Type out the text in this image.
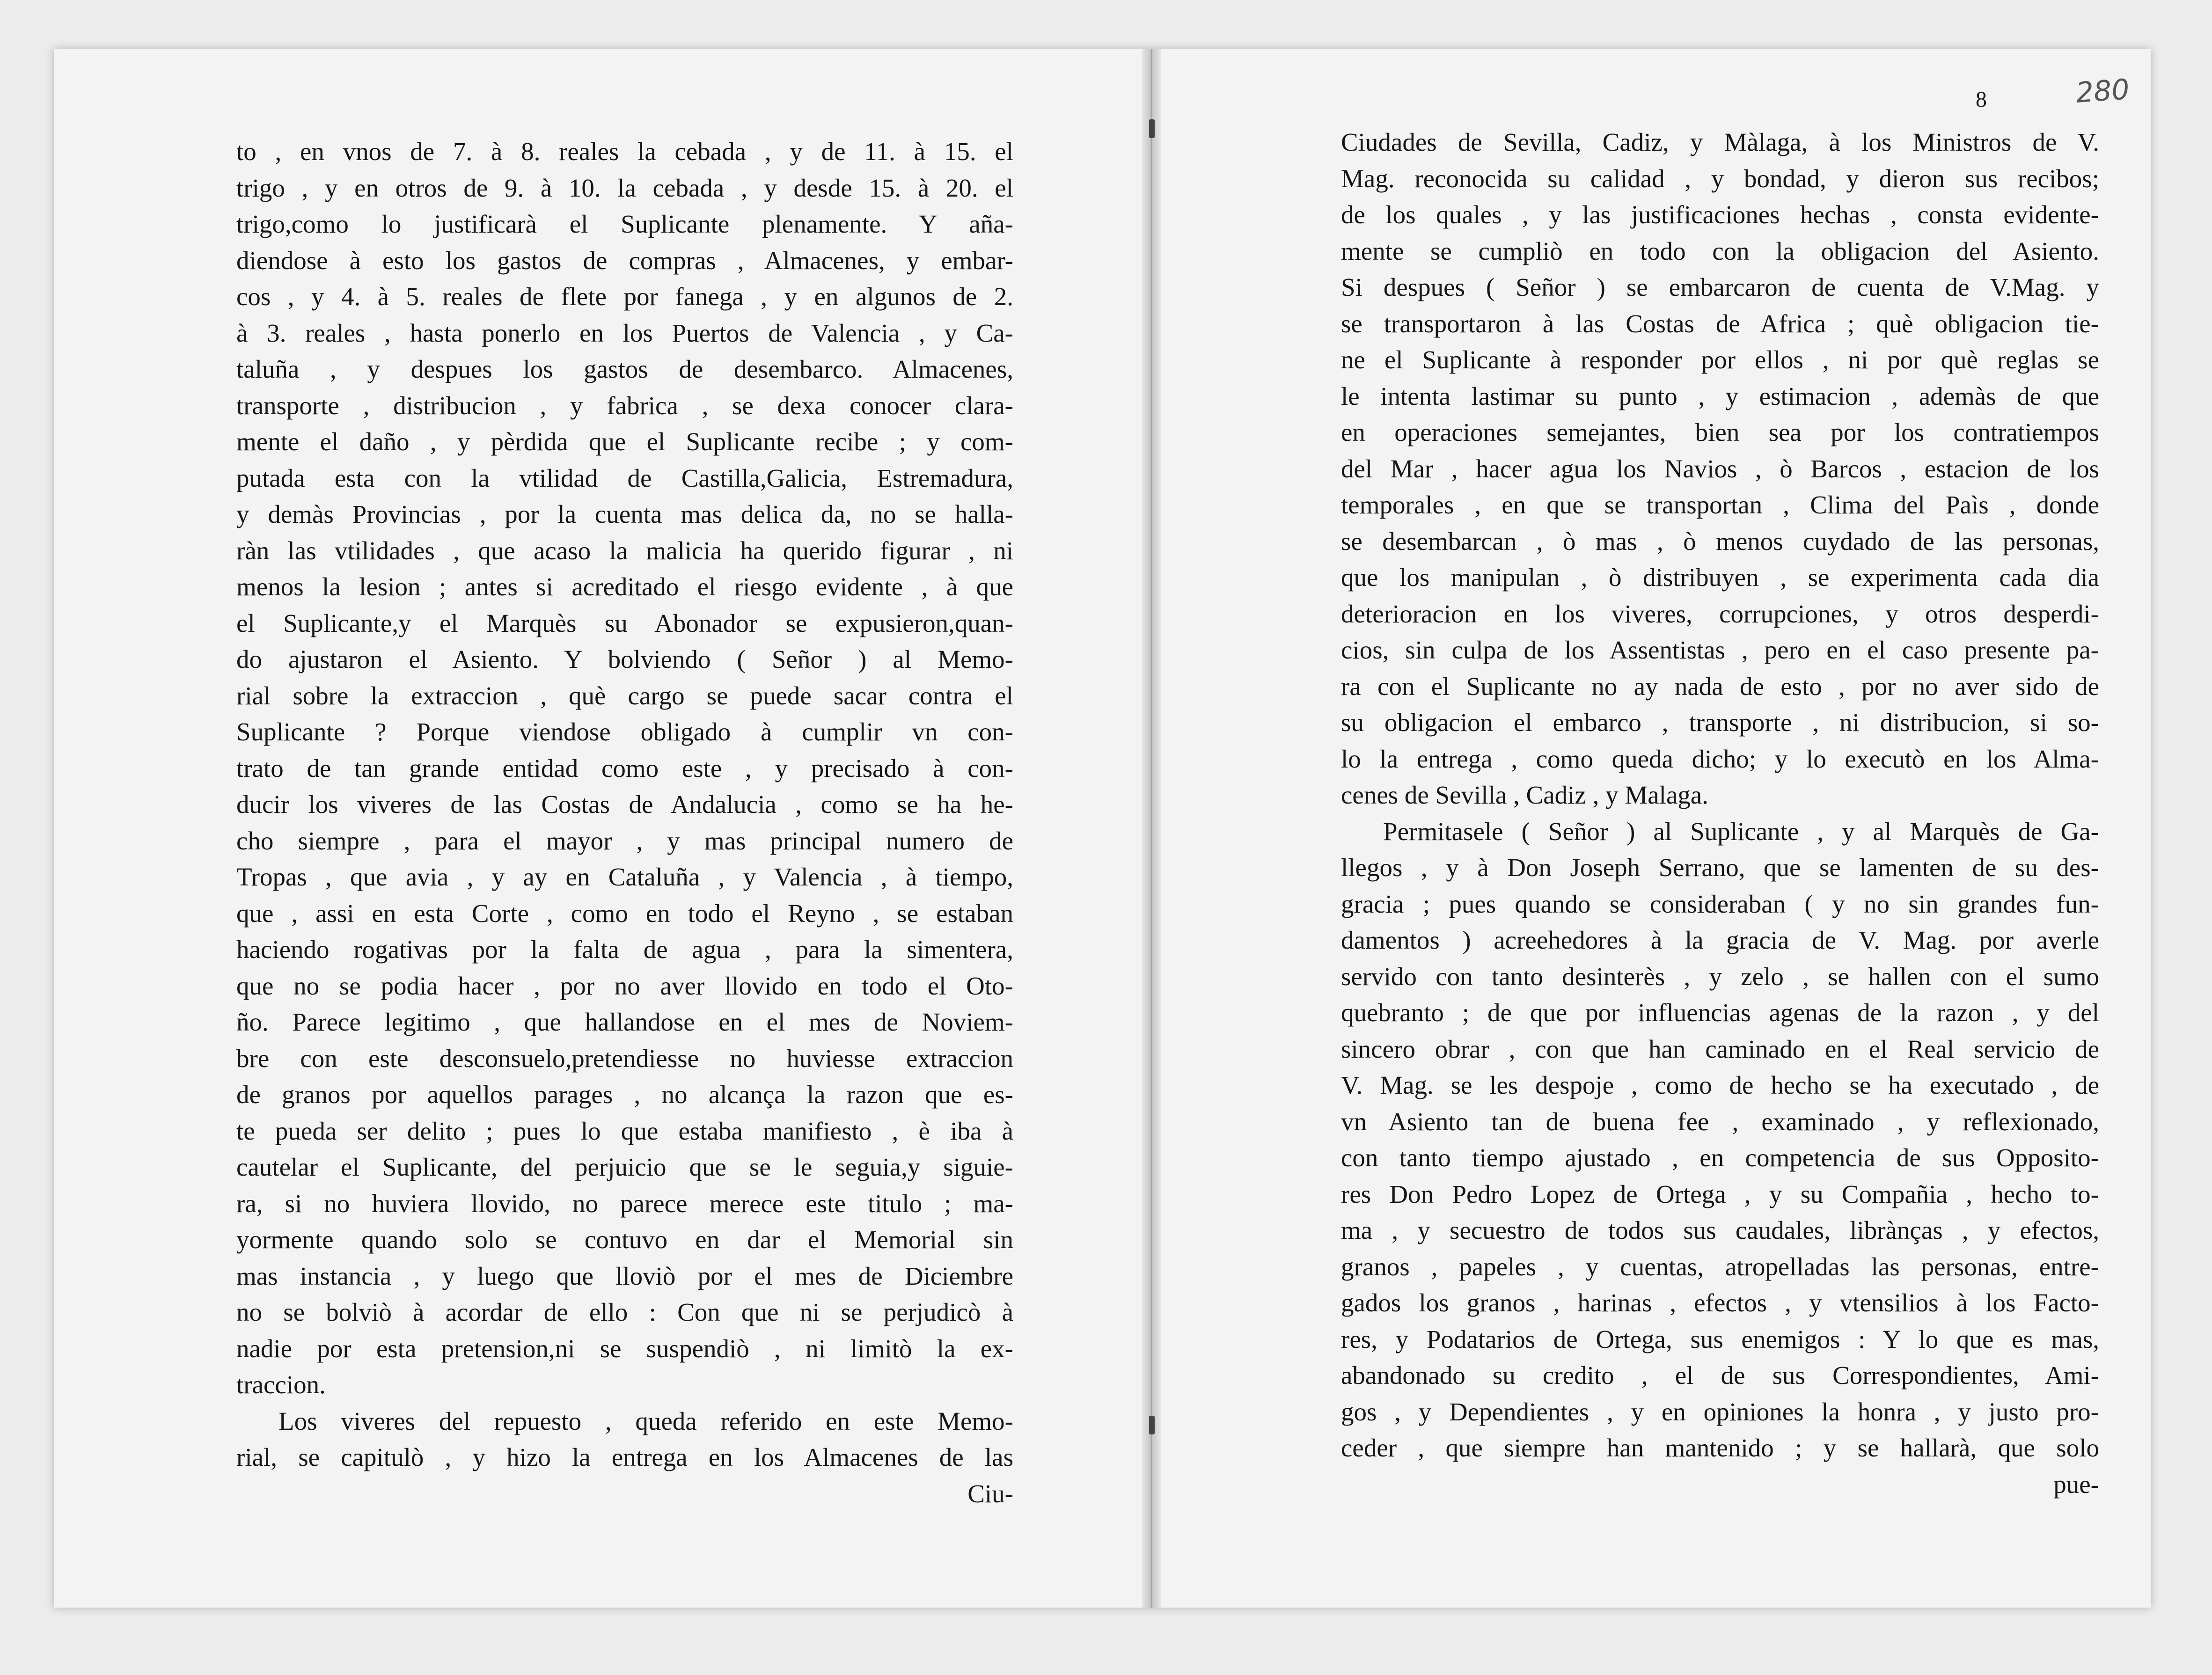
to , en vnos de 7. à 8. reales la cebada , y de 11. à 15. el
trigo , y en otros de 9. à 10. la cebada , y desde 15. à 20. el
trigo,como lo justificarà el Suplicante plenamente. Y aña-
diendose à esto los gastos de compras , Almacenes, y embar-
cos , y 4. à 5. reales de flete por fanega , y en algunos de 2.
à 3. reales , hasta ponerlo en los Puertos de Valencia , y Ca-
taluña , y despues los gastos de desembarco. Almacenes,
transporte , distribucion , y fabrica , se dexa conocer clara-
mente el daño , y pèrdida que el Suplicante recibe ; y com-
putada esta con la vtilidad de Castilla,Galicia, Estremadura,
y demàs Provincias , por la cuenta mas delica da, no se halla-
ràn las vtilidades , que acaso la malicia ha querido figurar , ni
menos la lesion ; antes si acreditado el riesgo evidente , à que
el Suplicante,y el Marquès su Abonador se expusieron,quan-
do ajustaron el Asiento. Y bolviendo ( Señor ) al Memo-
rial sobre la extraccion , què cargo se puede sacar contra el
Suplicante ? Porque viendose obligado à cumplir vn con-
trato de tan grande entidad como este , y precisado à con-
ducir los viveres de las Costas de Andalucia , como se ha he-
cho siempre , para el mayor , y mas principal numero de
Tropas , que avia , y ay en Cataluña , y Valencia , à tiempo,
que , assi en esta Corte , como en todo el Reyno , se estaban
haciendo rogativas por la falta de agua , para la simentera,
que no se podia hacer , por no aver llovido en todo el Oto-
ño. Parece legitimo , que hallandose en el mes de Noviem-
bre con este desconsuelo,pretendiesse no huviesse extraccion
de granos por aquellos parages , no alcança la razon que es-
te pueda ser delito ; pues lo que estaba manifiesto , è iba à
cautelar el Suplicante, del perjuicio que se le seguia,y siguie-
ra, si no huviera llovido, no parece merece este titulo ; ma-
yormente quando solo se contuvo en dar el Memorial sin
mas instancia , y luego que lloviò por el mes de Diciembre
no se bolviò à acordar de ello : Con que ni se perjudicò à
nadie por esta pretension,ni se suspendiò , ni limitò la ex-
traccion.
Los viveres del repuesto , queda referido en este Memo-
rial, se capitulò , y hizo la entrega en los Almacenes de las
Ciu-
8
Ciudades de Sevilla, Cadiz, y Màlaga, à los Ministros de V.
Mag. reconocida su calidad , y bondad, y dieron sus recibos;
de los quales , y las justificaciones hechas , consta evidente-
mente se cumpliò en todo con la obligacion del Asiento.
Si despues ( Señor ) se embarcaron de cuenta de V.Mag. y
se transportaron à las Costas de Africa ; què obligacion tie-
ne el Suplicante à responder por ellos , ni por què reglas se
le intenta lastimar su punto , y estimacion , ademàs de que
en operaciones semejantes, bien sea por los contratiempos
del Mar , hacer agua los Navios , ò Barcos , estacion de los
temporales , en que se transportan , Clima del Paìs , donde
se desembarcan , ò mas , ò menos cuydado de las personas,
que los manipulan , ò distribuyen , se experimenta cada dia
deterioracion en los viveres, corrupciones, y otros desperdi-
cios, sin culpa de los Assentistas , pero en el caso presente pa-
ra con el Suplicante no ay nada de esto , por no aver sido de
su obligacion el embarco , transporte , ni distribucion, si so-
lo la entrega , como queda dicho; y lo executò en los Alma-
cenes de Sevilla , Cadiz , y Malaga.
Permitasele ( Señor ) al Suplicante , y al Marquès de Ga-
llegos , y à Don Joseph Serrano, que se lamenten de su des-
gracia ; pues quando se consideraban ( y no sin grandes fun-
damentos ) acreehedores à la gracia de V. Mag. por averle
servido con tanto desinterès , y zelo , se hallen con el sumo
quebranto ; de que por influencias agenas de la razon , y del
sincero obrar , con que han caminado en el Real servicio de
V. Mag. se les despoje , como de hecho se ha executado , de
vn Asiento tan de buena fee , examinado , y reflexionado,
con tanto tiempo ajustado , en competencia de sus Opposito-
res Don Pedro Lopez de Ortega , y su Compañia , hecho to-
ma , y secuestro de todos sus caudales, librànças , y efectos,
granos , papeles , y cuentas, atropelladas las personas, entre-
gados los granos , harinas , efectos , y vtensilios à los Facto-
res, y Podatarios de Ortega, sus enemigos : Y lo que es mas,
abandonado su credito , el de sus Correspondientes, Ami-
gos , y Dependientes , y en opiniones la honra , y justo pro-
ceder , que siempre han mantenido ; y se hallarà, que solo
pue-
280
